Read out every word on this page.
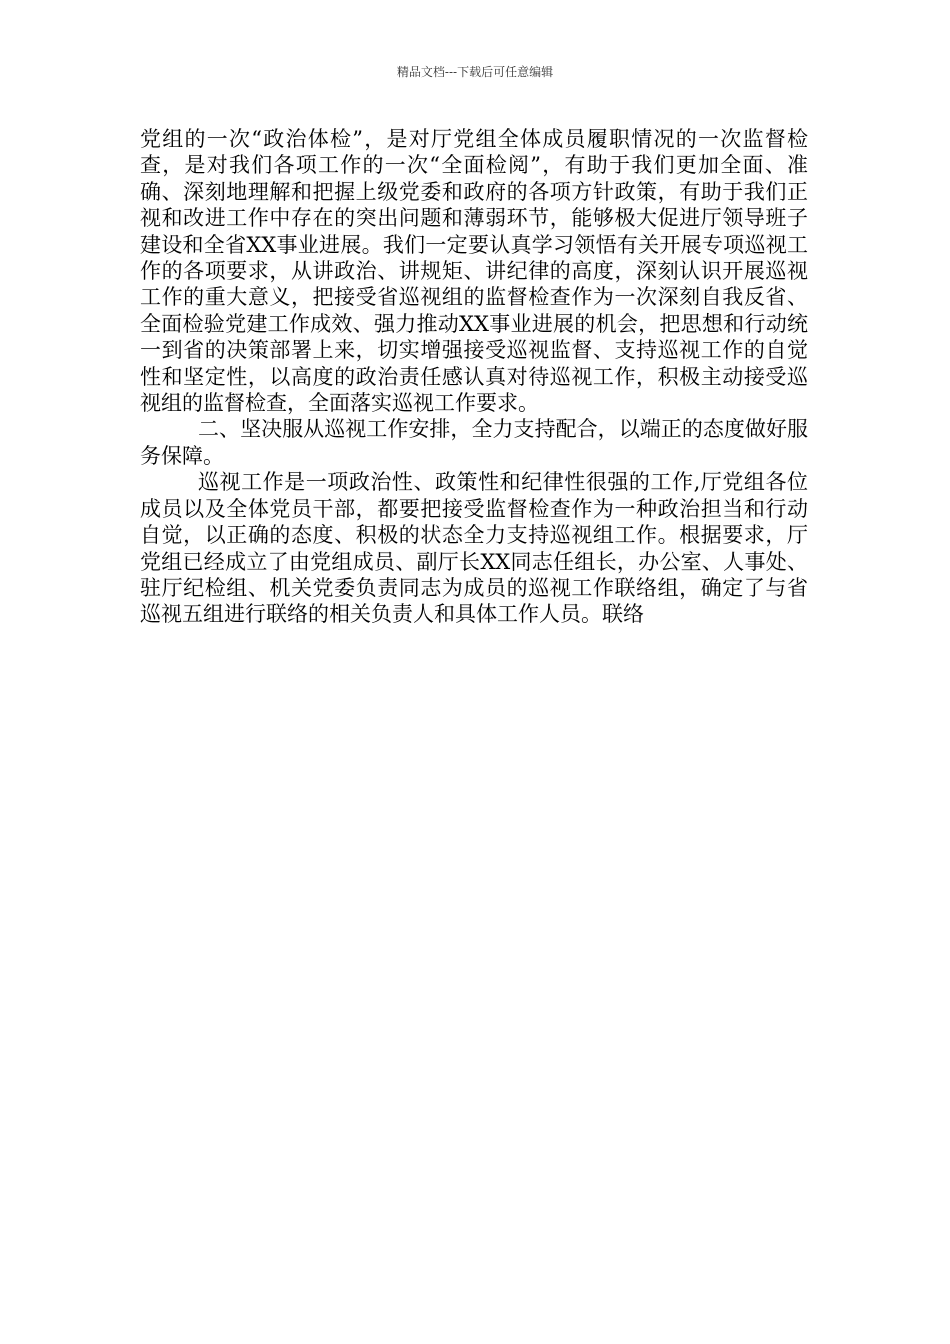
精品文档---下载后可任意编辑

党组的一次“政治体检”，是对厅党组全体成员履职情况的一次监督检查，是对我们各项工作的一次“全面检阅”，有助于我们更加全面、准确、深刻地理解和把握上级党委和政府的各项方针政策，有助于我们正视和改进工作中存在的突出问题和薄弱环节，能够极大促进厅领导班子建设和全省XX事业进展。我们一定要认真学习领悟有关开展专项巡视工作的各项要求，从讲政治、讲规矩、讲纪律的高度，深刻认识开展巡视工作的重大意义，把接受省巡视组的监督检查作为一次深刻自我反省、全面检验党建工作成效、强力推动XX事业进展的机会，把思想和行动统一到省的决策部署上来，切实增强接受巡视监督、支持巡视工作的自觉性和坚定性，以高度的政治责任感认真对待巡视工作，积极主动接受巡视组的监督检查，全面落实巡视工作要求。

二、坚决服从巡视工作安排，全力支持配合，以端正的态度做好服务保障。

巡视工作是一项政治性、政策性和纪律性很强的工作,厅党组各位成员以及全体党员干部，都要把接受监督检查作为一种政治担当和行动自觉，以正确的态度、积极的状态全力支持巡视组工作。根据要求，厅党组已经成立了由党组成员、副厅长XX同志任组长，办公室、人事处、驻厅纪检组、机关党委负责同志为成员的巡视工作联络组，确定了与省巡视五组进行联络的相关负责人和具体工作人员。联络
